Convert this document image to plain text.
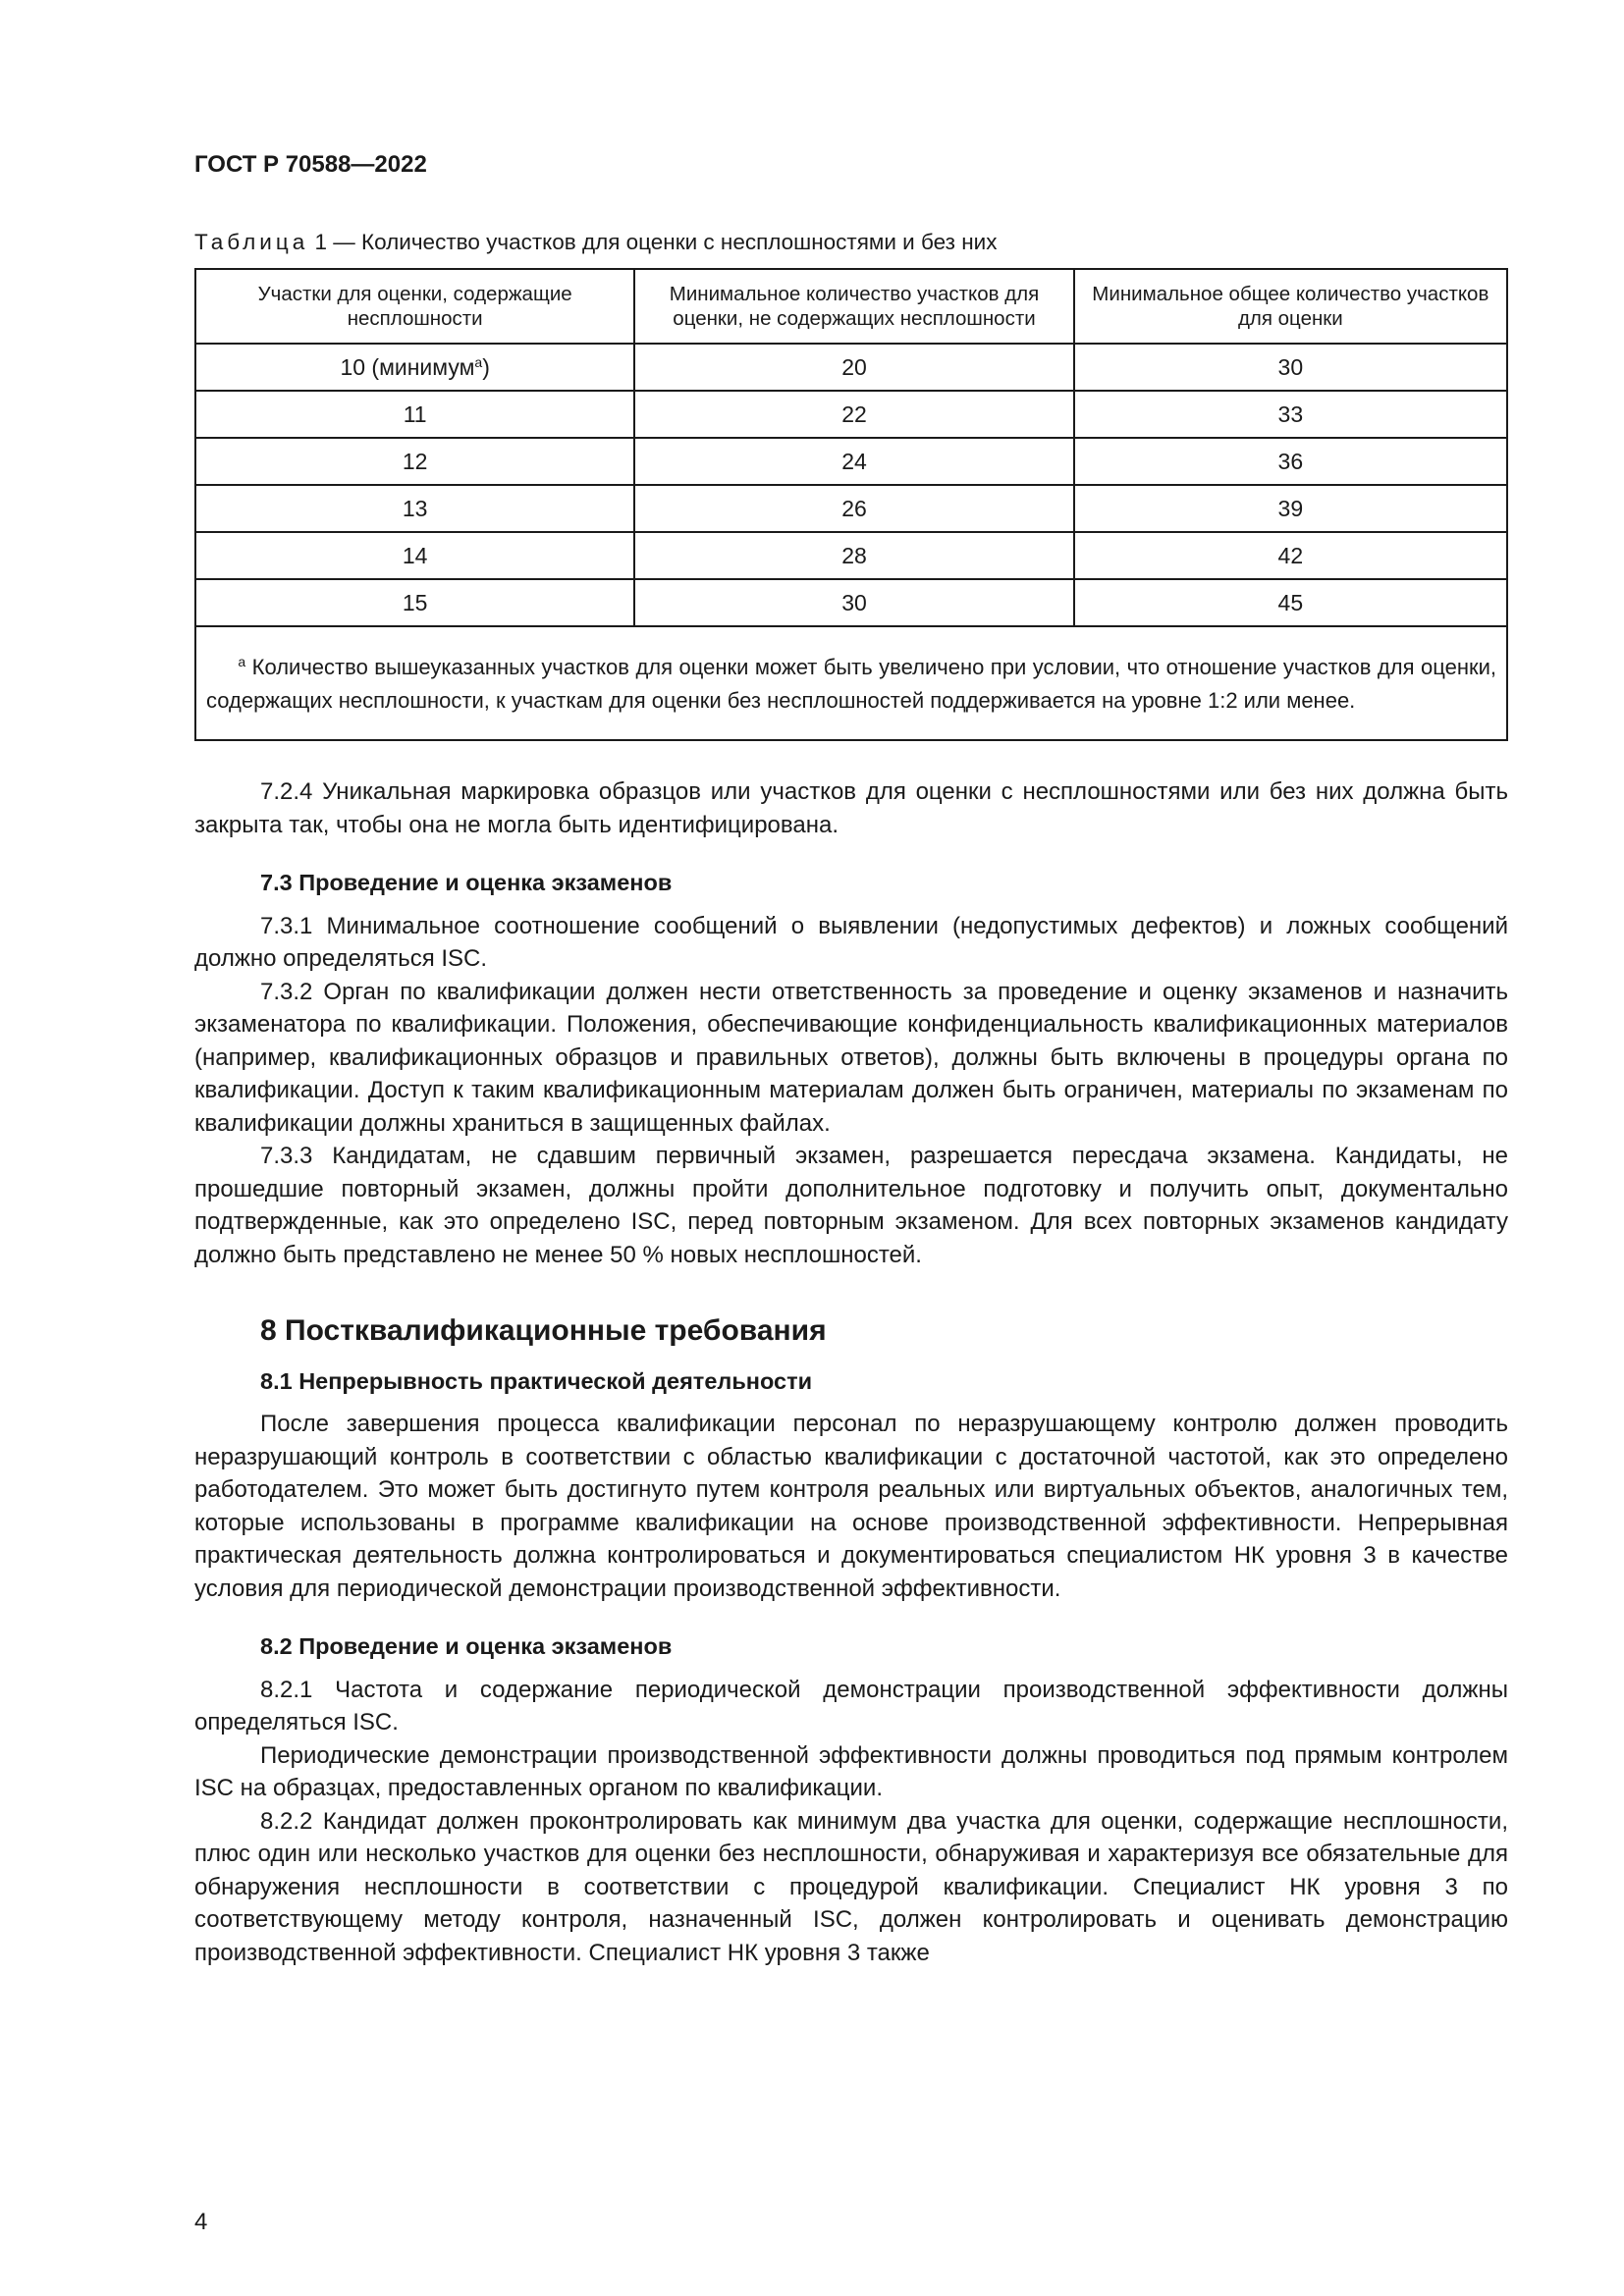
ГОСТ Р 70588—2022
Таблица 1 — Количество участков для оценки с несплошностями и без них
Участки для оценки, содержащие несплошности	Минимальное количество участков для оценки, не содержащих несплошности	Минимальное общее количество участков для оценки
10 (минимум$^a$)	20	30
11	22	33
12	24	36
13	26	39
14	28	42
15	30	45
$^a$ Количество вышеуказанных участков для оценки может быть увеличено при условии, что отношение участков для оценки, содержащих несплошности, к участкам для оценки без несплошностей поддерживается на уровне 1:2 или менее.		

7.2.4 Уникальная маркировка образцов или участков для оценки с несплошностями или без них должна быть закрыта так, чтобы она не могла быть идентифицирована.

7.3 Проведение и оценка экзаменов

7.3.1 Минимальное соотношение сообщений о выявлении (недопустимых дефектов) и ложных сообщений должно определяться ISC.

7.3.2 Орган по квалификации должен нести ответственность за проведение и оценку экзаменов и назначить экзаменатора по квалификации. Положения, обеспечивающие конфиденциальность квалификационных материалов (например, квалификационных образцов и правильных ответов), должны быть включены в процедуры органа по квалификации. Доступ к таким квалификационным материалам должен быть ограничен, материалы по экзаменам по квалификации должны храниться в защищенных файлах.

7.3.3 Кандидатам, не сдавшим первичный экзамен, разрешается пересдача экзамена. Кандидаты, не прошедшие повторный экзамен, должны пройти дополнительное подготовку и получить опыт, документально подтвержденные, как это определено ISC, перед повторным экзаменом. Для всех повторных экзаменов кандидату должно быть представлено не менее 50 % новых несплошностей.

8 Постквалификационные требования

8.1 Непрерывность практической деятельности

После завершения процесса квалификации персонал по неразрушающему контролю должен проводить неразрушающий контроль в соответствии с областью квалификации с достаточной частотой, как это определено работодателем. Это может быть достигнуто путем контроля реальных или виртуальных объектов, аналогичных тем, которые использованы в программе квалификации на основе производственной эффективности. Непрерывная практическая деятельность должна контролироваться и документироваться специалистом НК уровня 3 в качестве условия для периодической демонстрации производственной эффективности.

8.2 Проведение и оценка экзаменов

8.2.1 Частота и содержание периодической демонстрации производственной эффективности должны определяться ISC.

Периодические демонстрации производственной эффективности должны проводиться под прямым контролем ISC на образцах, предоставленных органом по квалификации.

8.2.2 Кандидат должен проконтролировать как минимум два участка для оценки, содержащие несплошности, плюс один или несколько участков для оценки без несплошности, обнаруживая и характеризуя все обязательные для обнаружения несплошности в соответствии с процедурой квалификации. Специалист НК уровня 3 по соответствующему методу контроля, назначенный ISC, должен контролировать и оценивать демонстрацию производственной эффективности. Специалист НК уровня 3 также

4
